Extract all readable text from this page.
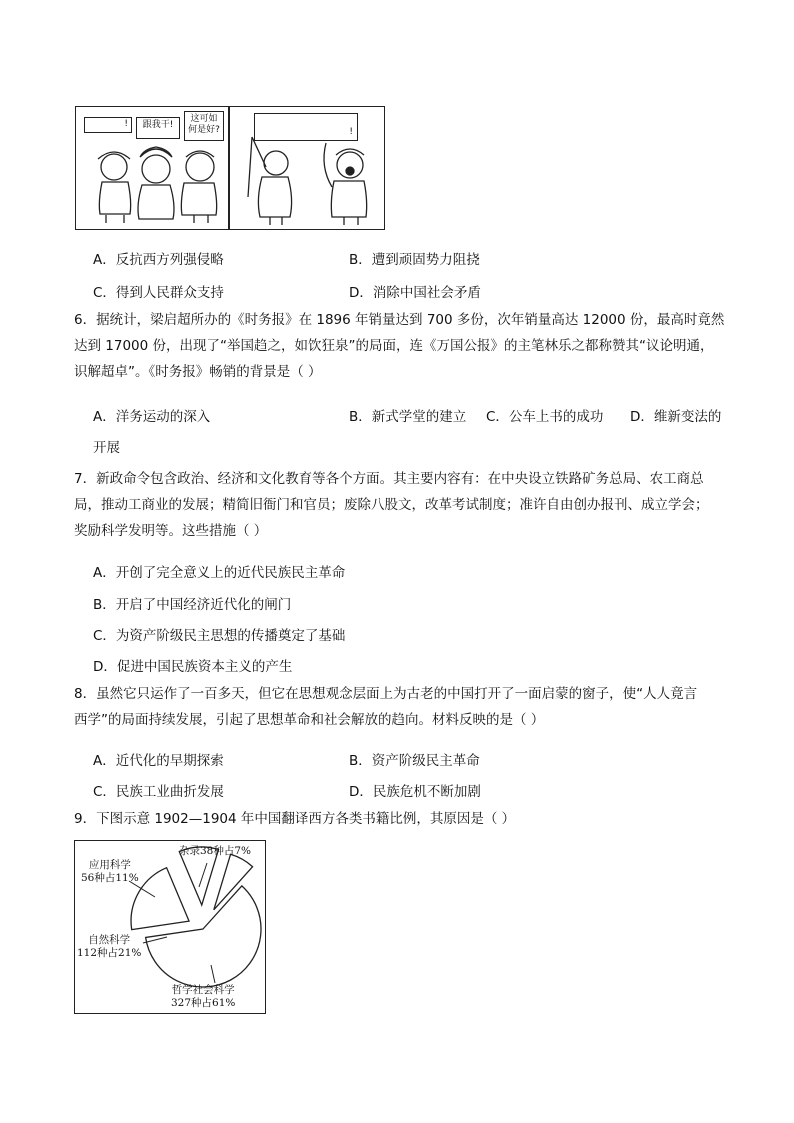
!	跟我干!
这可如
何是好?	!
A．反抗西方列强侵略	B．遭到顽固势力阻挠
C．得到人民群众支持	D．消除中国社会矛盾
6．据统计，梁启超所办的《时务报》在 1896 年销量达到 700 多份，次年销量高达 12000 份，最高时竟然
达到 17000 份，出现了“举国趋之，如饮狂泉”的局面，连《万国公报》的主笔林乐之都称赞其“议论明通，
识解超卓”。《时务报》畅销的背景是（ ）
A．洋务运动的深入	B．新式学堂的建立 C．公车上书的成功 D．维新变法的
开展
7．新政命令包含政治、经济和文化教育等各个方面。其主要内容有：在中央设立铁路矿务总局、农工商总
局，推动工商业的发展；精简旧衙门和官员；废除八股文，改革考试制度；准许自由创办报刊、成立学会；
奖励科学发明等。这些措施（ ）
A．开创了完全意义上的近代民族民主革命
B．开启了中国经济近代化的闸门
C．为资产阶级民主思想的传播奠定了基础
D．促进中国民族资本主义的产生
8．虽然它只运作了一百多天，但它在思想观念层面上为古老的中国打开了一面启蒙的窗子，使“人人竟言
西学”的局面持续发展，引起了思想革命和社会解放的趋向。材料反映的是（ ）
A．近代化的早期探索	B．资产阶级民主革命
C．民族工业曲折发展	D．民族危机不断加剧
9．下图示意 1902—1904 年中国翻译西方各类书籍比例，其原因是（ ）
应用科学
56种占11%
杂录38种占7%
自然科学
112种占21%
哲学社会科学
327种占61%
